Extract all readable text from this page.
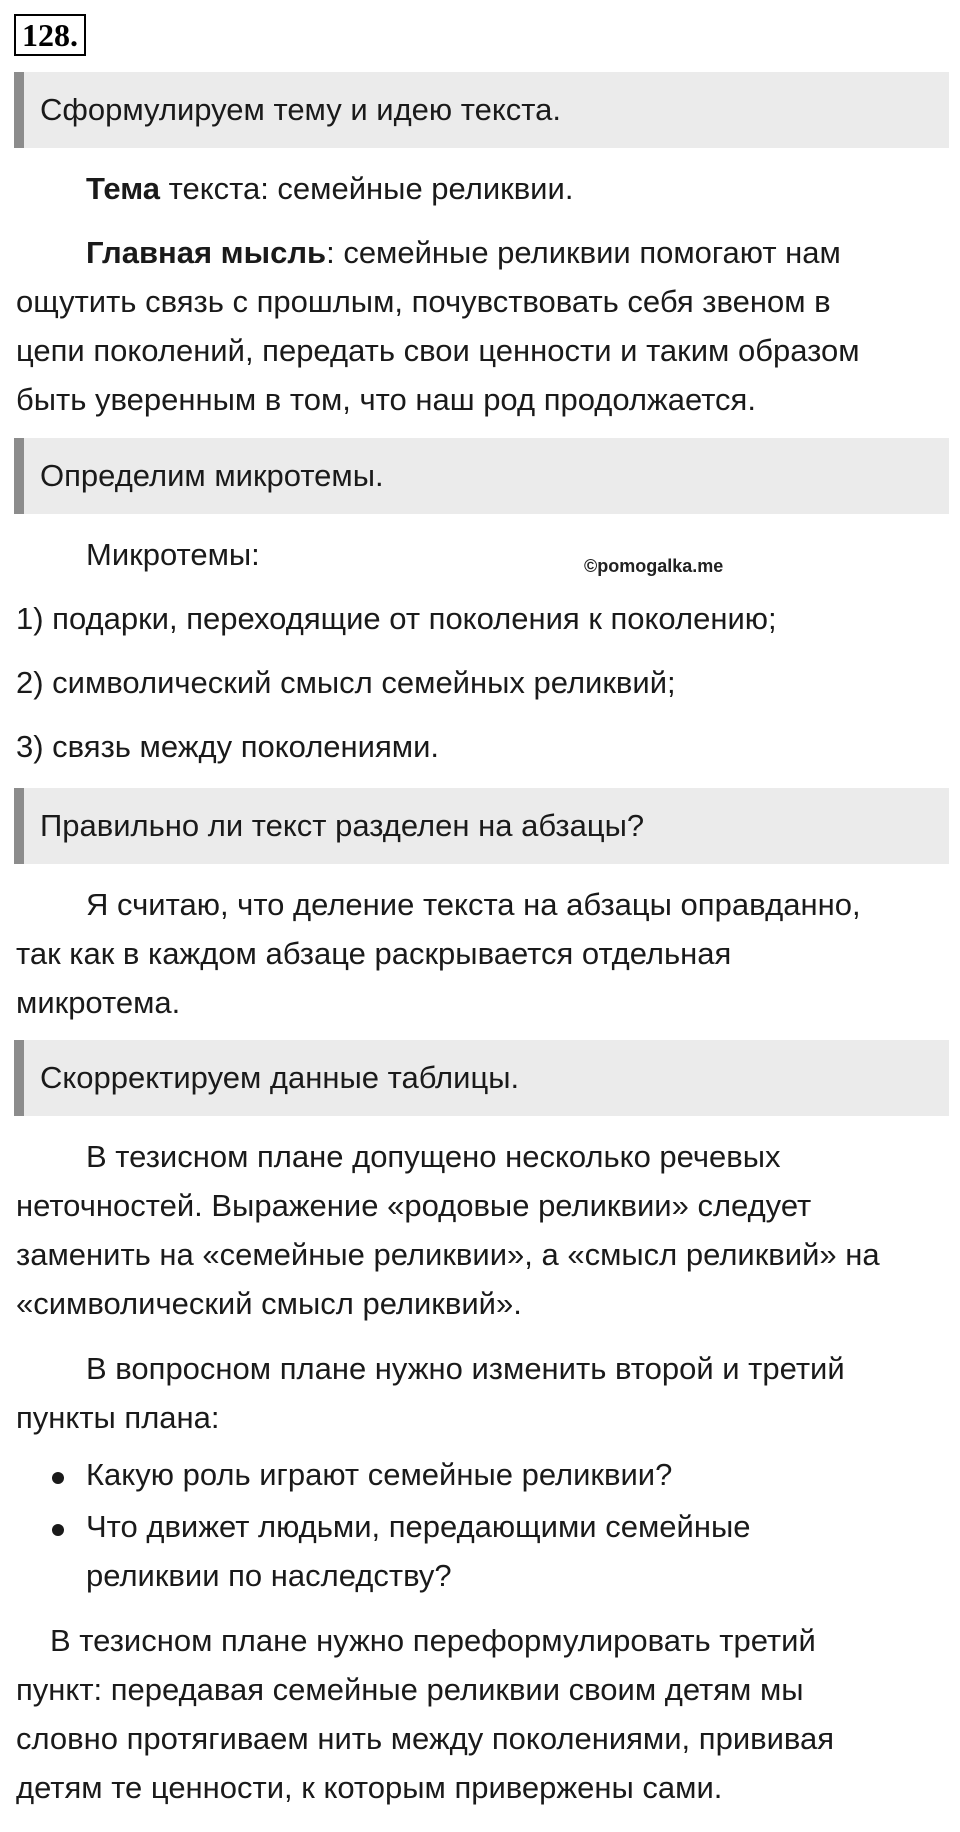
128.
Сформулируем тему и идею текста.
Тема текста: семейные реликвии.
Главная мысль: семейные реликвии помогают нам
ощутить связь с прошлым, почувствовать себя звеном в
цепи поколений, передать свои ценности и таким образом
быть уверенным в том, что наш род продолжается.
Определим микротемы.
Микротемы:	©pomogalka.me
1) подарки, переходящие от поколения к поколению;
2) символический смысл семейных реликвий;
3) связь между поколениями.
Правильно ли текст разделен на абзацы?
Я считаю, что деление текста на абзацы оправданно,
так как в каждом абзаце раскрывается отдельная
микротема.
Скорректируем данные таблицы.
В тезисном плане допущено несколько речевых
неточностей. Выражение «родовые реликвии» следует
заменить на «семейные реликвии», а «смысл реликвий» на
«символический смысл реликвий».
В вопросном плане нужно изменить второй и третий
пункты плана:
Какую роль играют семейные реликвии?
Что движет людьми, передающими семейные
реликвии по наследству?
В тезисном плане нужно переформулировать третий
пункт: передавая семейные реликвии своим детям мы
словно протягиваем нить между поколениями, прививая
детям те ценности, к которым привержены сами.
